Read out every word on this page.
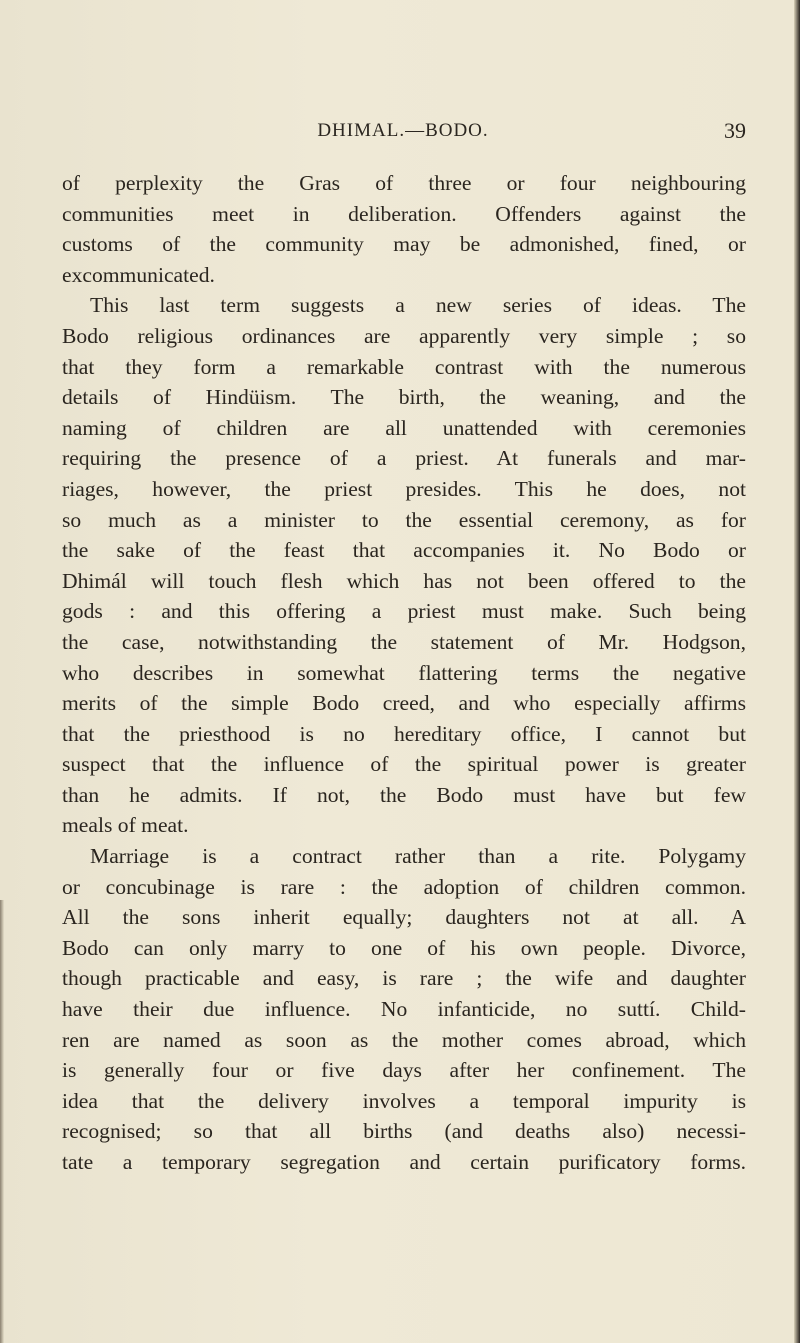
DHIMAL.—BODO.	39

of perplexity the Gras of three or four neighbouring
communities meet in deliberation. Offenders against the
customs of the community may be admonished, fined, or
excommunicated.

This last term suggests a new series of ideas. The
Bodo religious ordinances are apparently very simple ; so
that they form a remarkable contrast with the numerous
details of Hindüism. The birth, the weaning, and the
naming of children are all unattended with ceremonies
requiring the presence of a priest. At funerals and mar-
riages, however, the priest presides. This he does, not
so much as a minister to the essential ceremony, as for
the sake of the feast that accompanies it. No Bodo or
Dhimál will touch flesh which has not been offered to the
gods : and this offering a priest must make. Such being
the case, notwithstanding the statement of Mr. Hodgson,
who describes in somewhat flattering terms the negative
merits of the simple Bodo creed, and who especially affirms
that the priesthood is no hereditary office, I cannot but
suspect that the influence of the spiritual power is greater
than he admits. If not, the Bodo must have but few
meals of meat.

Marriage is a contract rather than a rite. Polygamy
or concubinage is rare : the adoption of children common.
All the sons inherit equally; daughters not at all. A
Bodo can only marry to one of his own people. Divorce,
though practicable and easy, is rare ; the wife and daughter
have their due influence. No infanticide, no suttí. Child-
ren are named as soon as the mother comes abroad, which
is generally four or five days after her confinement. The
idea that the delivery involves a temporal impurity is
recognised; so that all births (and deaths also) necessi-
tate a temporary segregation and certain purificatory forms.
